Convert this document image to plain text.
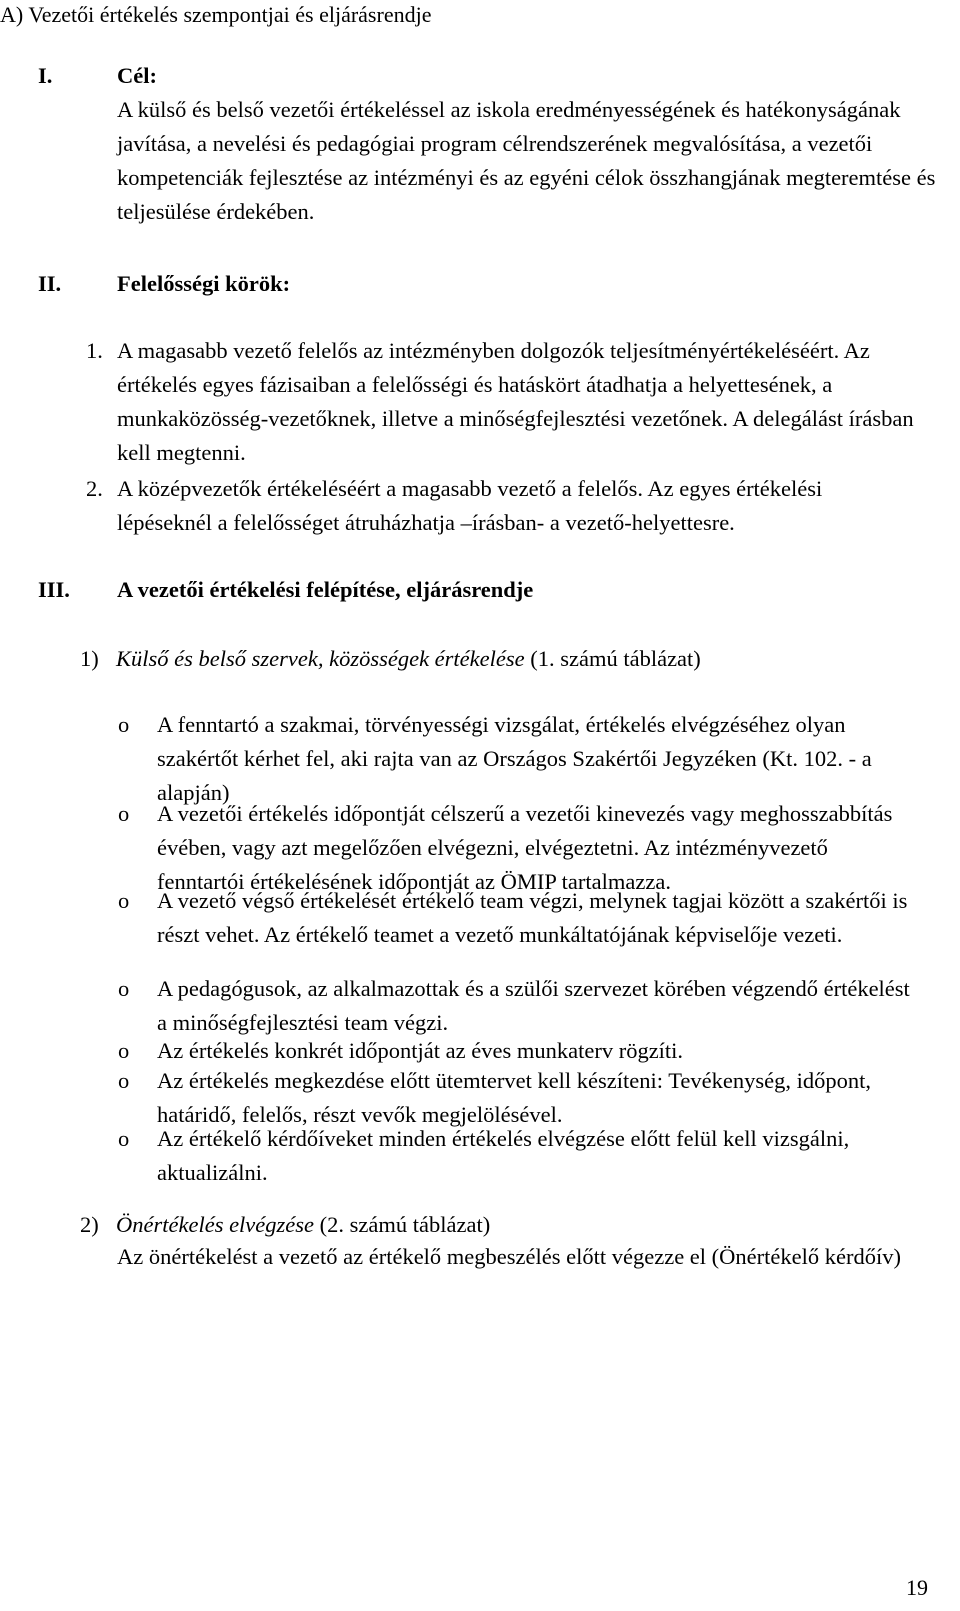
A) Vezetői értékelés szempontjai és eljárásrendje
I.	Cél:
A külső és belső vezetői értékeléssel az iskola eredményességének és hatékonyságának javítása, a nevelési és pedagógiai program célrendszerének megvalósítása, a vezetői kompetenciák fejlesztése az intézményi és az egyéni célok összhangjának megteremtése és teljesülése érdekében.
II. Felelősségi körök:
1. A magasabb vezető felelős az intézményben dolgozók teljesítményértékeléséért. Az értékelés egyes fázisaiban a felelősségi és hatáskört átadhatja a helyettesének, a munkaközösség-vezetőknek, illetve a minőségfejlesztési vezetőnek. A delegálást írásban kell megtenni.
2. A középvezetők értékeléséért a magasabb vezető a felelős. Az egyes értékelési lépéseknél a felelősséget átruházhatja –írásban- a vezető-helyettesre.
III. A vezetői értékelési felépítése, eljárásrendje
1) Külső és belső szervek, közösségek értékelése (1. számú táblázat)
o A fenntartó a szakmai, törvényességi vizsgálat, értékelés elvégzéséhez olyan szakértőt kérhet fel, aki rajta van az Országos Szakértői Jegyzéken (Kt. 102. - a alapján)
o A vezetői értékelés időpontját célszerű a vezetői kinevezés vagy meghosszabbítás évében, vagy azt megelőzően elvégezni, elvégeztetni. Az intézményvezető fenntartói értékelésének időpontját az ÖMIP tartalmazza.
o A vezető végső értékelését értékelő team végzi, melynek tagjai között a szakértői is részt vehet. Az értékelő teamet a vezető munkáltatójának képviselője vezeti.
o A pedagógusok, az alkalmazottak és a szülői szervezet körében végzendő értékelést a minőségfejlesztési team végzi.
o Az értékelés konkrét időpontját az éves munkaterv rögzíti.
o Az értékelés megkezdése előtt ütemtervet kell készíteni: Tevékenység, időpont, határidő, felelős, részt vevők megjelölésével.
o Az értékelő kérdőíveket minden értékelés elvégzése előtt felül kell vizsgálni, aktualizálni.
2) Önértékelés elvégzése (2. számú táblázat)
Az önértékelést a vezető az értékelő megbeszélés előtt végezze el (Önértékelő kérdőív)
19
